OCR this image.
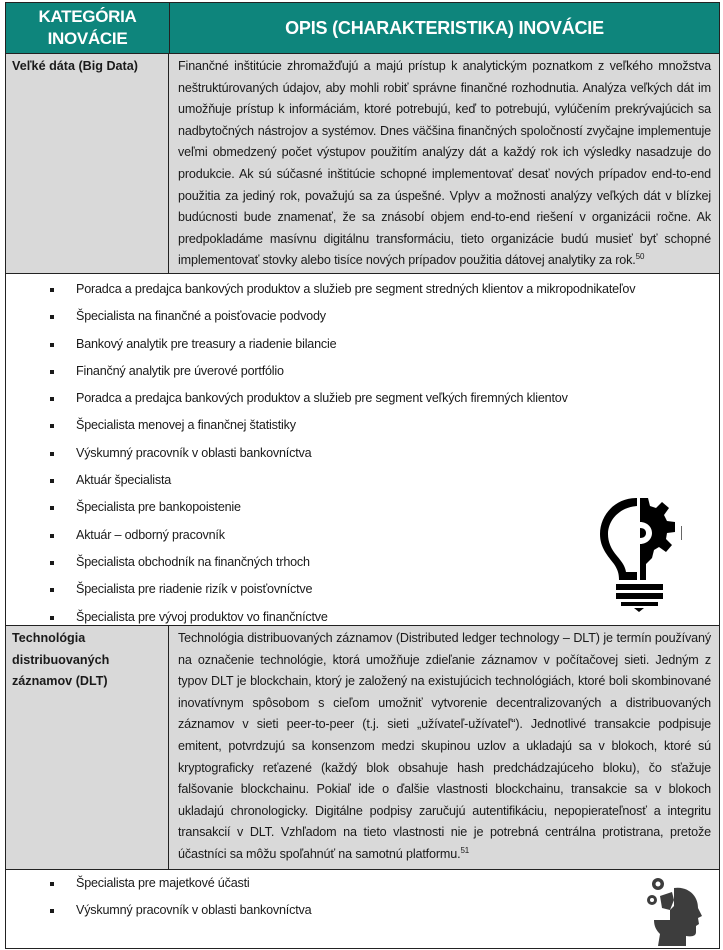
KATEGÓRIA
INOVÁCIE
OPIS (CHARAKTERISTIKA) INOVÁCIE
Veľké dáta (Big Data)	Finančné inštitúcie zhromažďujú a majú prístup k analytickým poznatkom z veľkého množstva neštruktúrovaných údajov, aby mohli robiť správne finančné rozhodnutia. Analýza veľkých dát im umožňuje prístup k informáciám, ktoré potrebujú, keď to potrebujú, vylúčením prekrývajúcich sa nadbytočných nástrojov a systémov. Dnes väčšina finančných spoločností zvyčajne implementuje veľmi obmedzený počet výstupov použitím analýzy dát a každý rok ich výsledky nasadzuje do produkcie. Ak sú súčasné inštitúcie schopné implementovať desať nových prípadov end-to-end použitia za jediný rok, považujú sa za úspešné. Vplyv a možnosti analýzy veľkých dát v blízkej budúcnosti bude znamenať, že sa znásobí objem end-to-end riešení v organizácii ročne. Ak predpokladáme masívnu digitálnu transformáciu, tieto organizácie budú musieť byť schopné implementovať stovky alebo tisíce nových prípadov použitia dátovej analytiky za rok.$^{50}$
Poradca a predajca bankových produktov a služieb pre segment stredných klientov a mikropodnikateľov
Špecialista na finančné a poisťovacie podvody
Bankový analytik pre treasury a riadenie bilancie
Finančný analytik pre úverové portfólio
Poradca a predajca bankových produktov a služieb pre segment veľkých firemných klientov
Špecialista menovej a finančnej štatistiky
Výskumný pracovník v oblasti bankovníctva
Aktuár špecialista
Špecialista pre bankopoistenie
Aktuár – odborný pracovník
Špecialista obchodník na finančných trhoch
Špecialista pre riadenie rizík v poisťovníctve
Špecialista pre vývoj produktov vo finančníctve
Technológia distribuovaných záznamov (DLT)
Technológia distribuovaných záznamov (Distributed ledger technology – DLT) je termín používaný na označenie technológie, ktorá umožňuje zdieľanie záznamov v počítačovej sieti. Jedným z typov DLT je blockchain, ktorý je založený na existujúcich technológiách, ktoré boli skombinované inovatívnym spôsobom s cieľom umožniť vytvorenie decentralizovaných a distribuovaných záznamov v sieti peer-to-peer (t.j. sieti „užívateľ-užívateľ“). Jednotlivé transakcie podpisuje emitent, potvrdzujú sa konsenzom medzi skupinou uzlov a ukladajú sa v blokoch, ktoré sú kryptograficky reťazené (každý blok obsahuje hash predchádzajúceho bloku), čo sťažuje falšovanie blockchainu. Pokiaľ ide o ďalšie vlastnosti blockchainu, transakcie sa v blokoch ukladajú chronologicky. Digitálne podpisy zaručujú autentifikáciu, nepopierateľnosť a integritu transakcií v DLT. Vzhľadom na tieto vlastnosti nie je potrebná centrálna protistrana, pretože účastníci sa môžu spoľahnúť na samotnú platformu.$^{51}$
Špecialista pre majetkové účasti
Výskumný pracovník v oblasti bankovníctva
